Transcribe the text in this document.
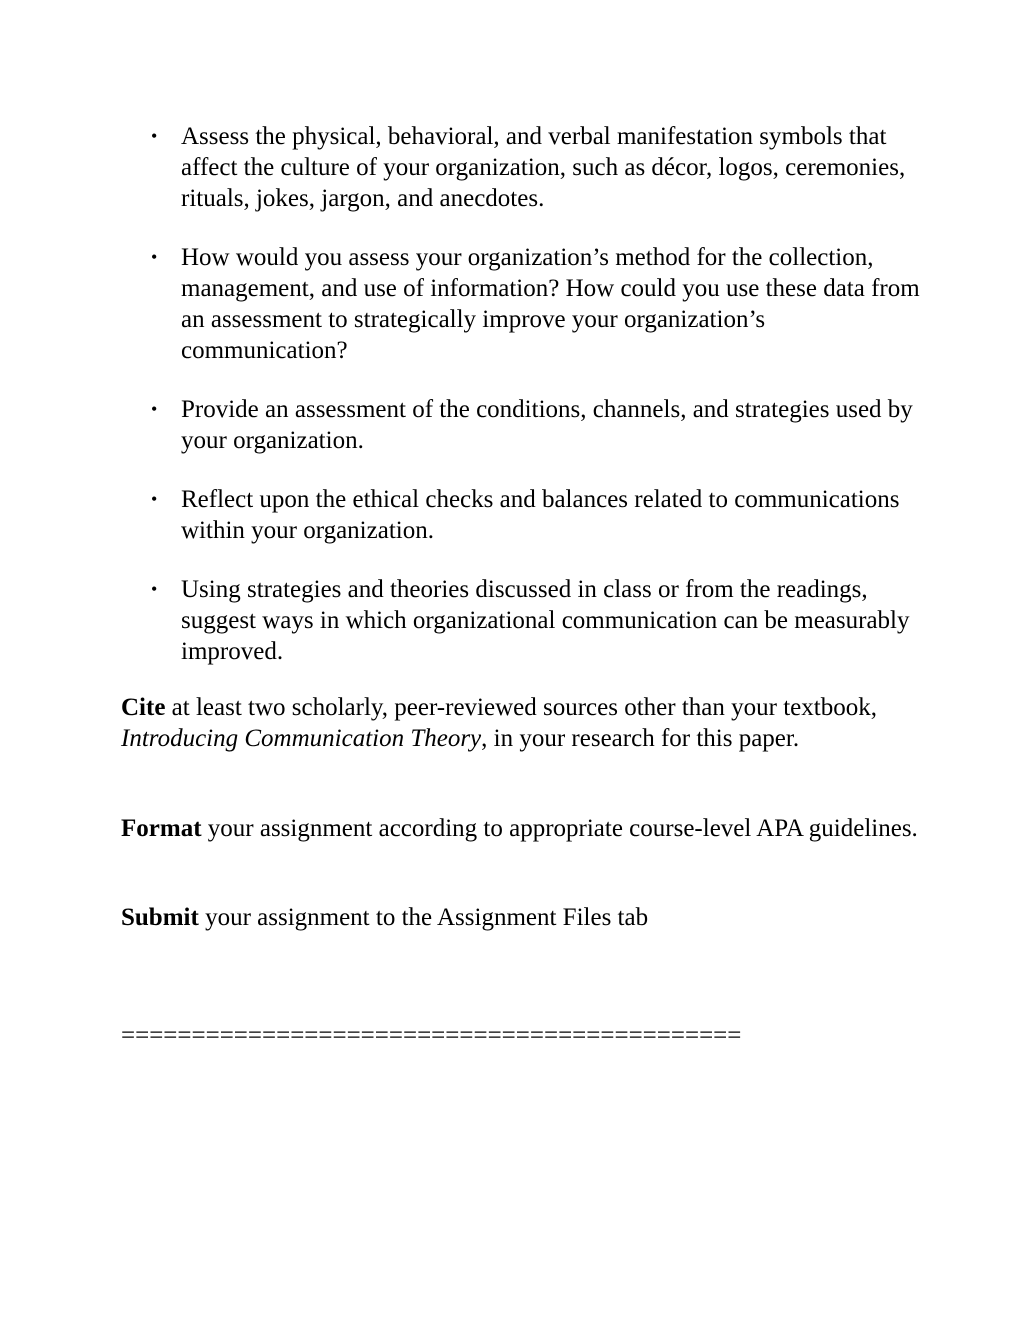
• Assess the physical, behavioral, and verbal manifestation symbols that affect the culture of your organization, such as décor, logos, ceremonies, rituals, jokes, jargon, and anecdotes.
• How would you assess your organization’s method for the collection, management, and use of information? How could you use these data from an assessment to strategically improve your organization’s communication?
• Provide an assessment of the conditions, channels, and strategies used by your organization.
• Reflect upon the ethical checks and balances related to communications within your organization.
• Using strategies and theories discussed in class or from the readings, suggest ways in which organizational communication can be measurably improved.

Cite at least two scholarly, peer-reviewed sources other than your textbook, Introducing Communication Theory, in your research for this paper.

Format your assignment according to appropriate course-level APA guidelines.

Submit your assignment to the Assignment Files tab

============================================
